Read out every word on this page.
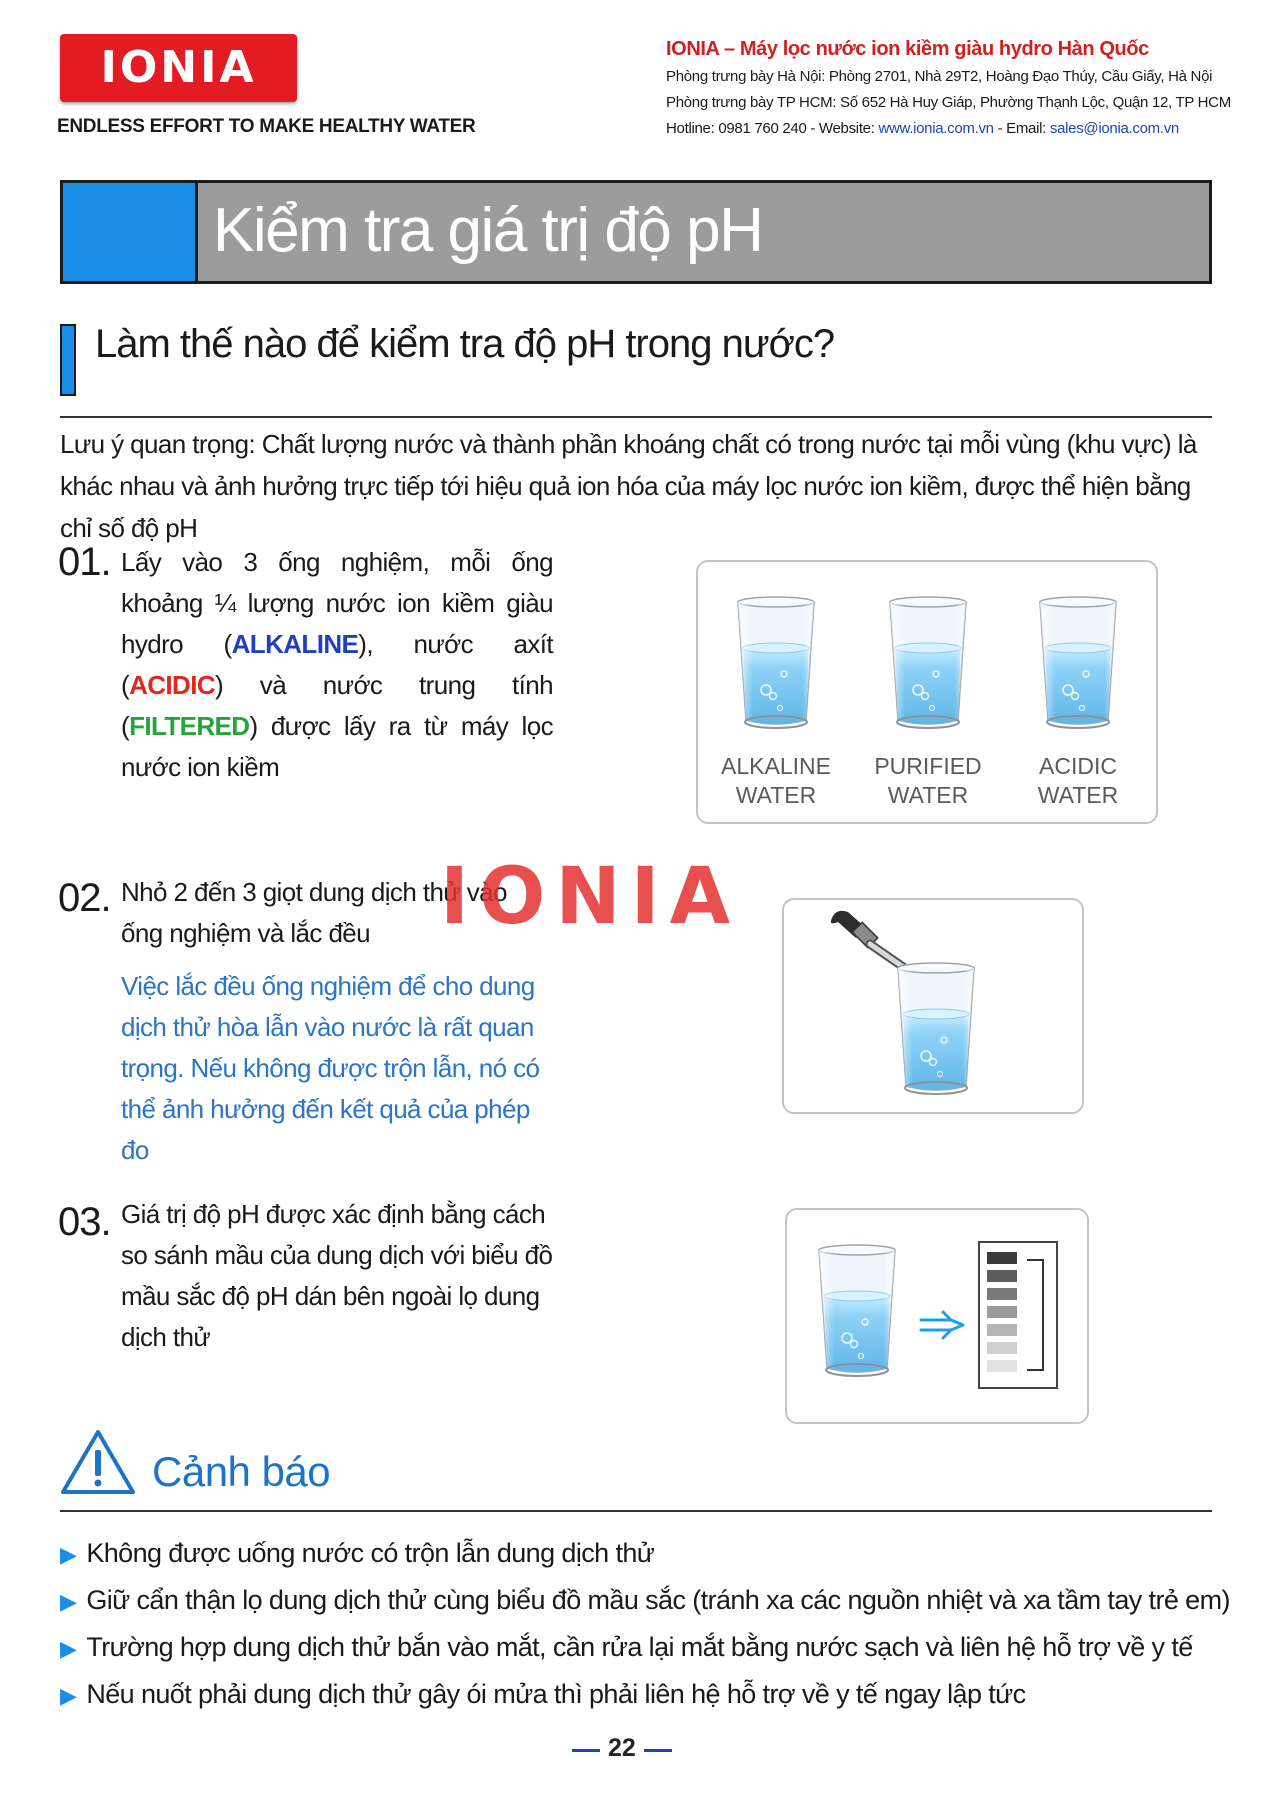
IONIA
ENDLESS EFFORT TO MAKE HEALTHY WATER
IONIA – Máy lọc nước ion kiềm giàu hydro Hàn Quốc
Phòng trưng bày Hà Nội: Phòng 2701, Nhà 29T2, Hoàng Đạo Thúy, Cầu Giấy, Hà Nội
Phòng trưng bày TP HCM: Số 652 Hà Huy Giáp, Phường Thạnh Lộc, Quận 12, TP HCM
Hotline: 0981 760 240 - Website: www.ionia.com.vn - Email: sales@ionia.com.vn
Kiểm tra giá trị độ pH
Làm thế nào để kiểm tra độ pH trong nước?
Lưu ý quan trọng: Chất lượng nước và thành phần khoáng chất có trong nước tại mỗi vùng (khu vực) là khác nhau và ảnh hưởng trực tiếp tới hiệu quả ion hóa của máy lọc nước ion kiềm, được thể hiện bằng chỉ số độ pH
01. Lấy vào 3 ống nghiệm, mỗi ống khoảng ¼ lượng nước ion kiềm giàu hydro (ALKALINE), nước axít (ACIDIC) và nước trung tính (FILTERED) được lấy ra từ máy lọc nước ion kiềm	ALKALINE
WATER
PURIFIED
WATER
ACIDIC
WATER
02. Nhỏ 2 đến 3 giọt dung dịch thử vào ống nghiệm và lắc đều
Việc lắc đều ống nghiệm để cho dung dịch thử hòa lẫn vào nước là rất quan trọng. Nếu không được trộn lẫn, nó có thể ảnh hưởng đến kết quả của phép đo
IONIA
03. Giá trị độ pH được xác định bằng cách so sánh mầu của dung dịch với biểu đồ mầu sắc độ pH dán bên ngoài lọ dung dịch thử
Cảnh báo
▶ Không được uống nước có trộn lẫn dung dịch thử
▶ Giữ cẩn thận lọ dung dịch thử cùng biểu đồ mầu sắc (tránh xa các nguồn nhiệt và xa tầm tay trẻ em)
▶ Trường hợp dung dịch thử bắn vào mắt, cần rửa lại mắt bằng nước sạch và liên hệ hỗ trợ về y tế
▶ Nếu nuốt phải dung dịch thử gây ói mửa thì phải liên hệ hỗ trợ về y tế ngay lập tức
22
